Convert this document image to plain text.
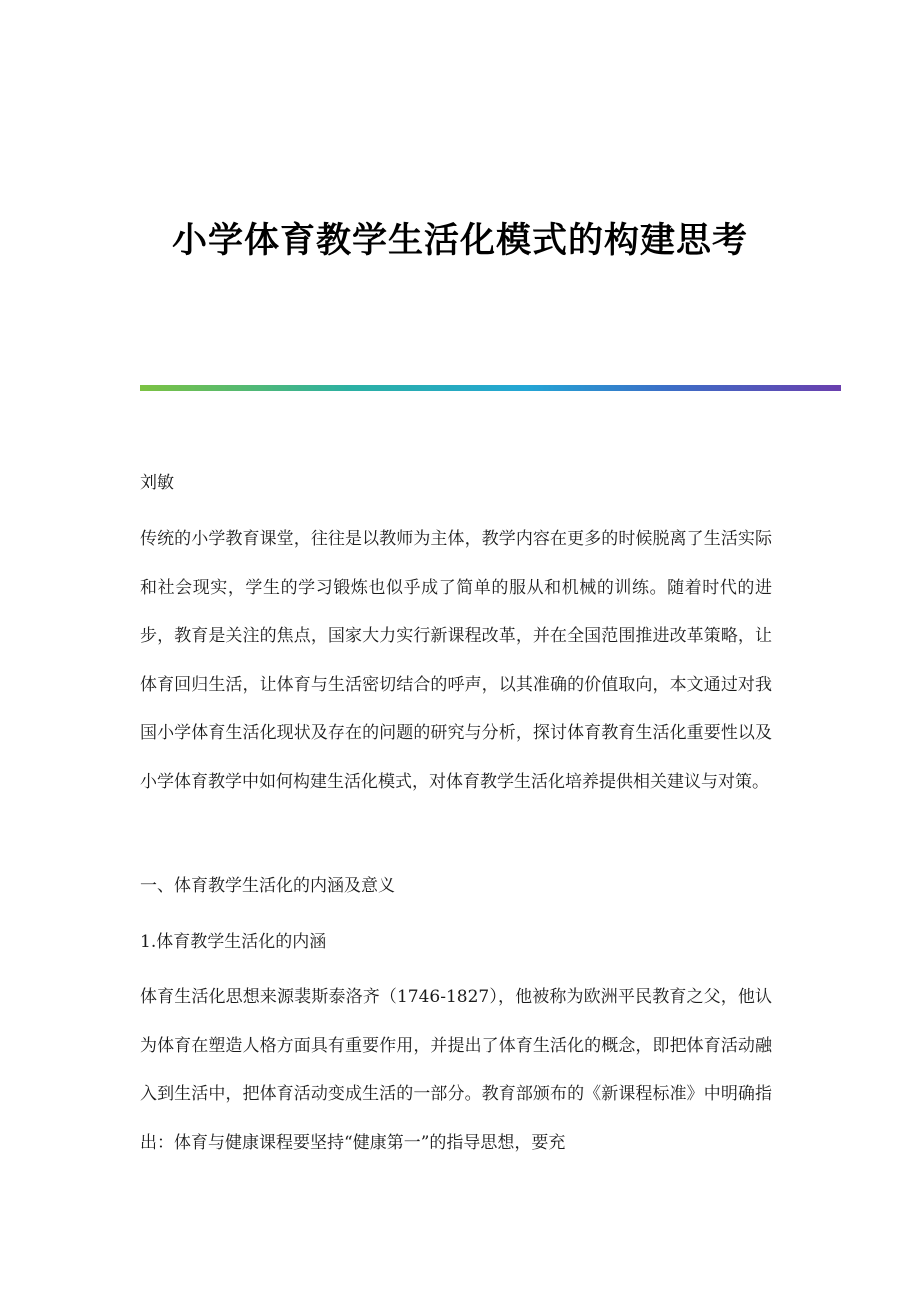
小学体育教学生活化模式的构建思考

刘敏

传统的小学教育课堂，往往是以教师为主体，教学内容在更多的时候脱离了生活实际和社会现实，学生的学习锻炼也似乎成了简单的服从和机械的训练。随着时代的进步，教育是关注的焦点，国家大力实行新课程改革，并在全国范围推进改革策略，让体育回归生活，让体育与生活密切结合的呼声，以其准确的价值取向，本文通过对我国小学体育生活化现状及存在的问题的研究与分析，探讨体育教育生活化重要性以及小学体育教学中如何构建生活化模式，对体育教学生活化培养提供相关建议与对策。

一、体育教学生活化的内涵及意义

1.体育教学生活化的内涵

体育生活化思想来源裴斯泰洛齐（1746-1827），他被称为欧洲平民教育之父，他认为体育在塑造人格方面具有重要作用，并提出了体育生活化的概念，即把体育活动融入到生活中，把体育活动变成生活的一部分。教育部颁布的《新课程标准》中明确指出：体育与健康课程要坚持“健康第一”的指导思想，要充
